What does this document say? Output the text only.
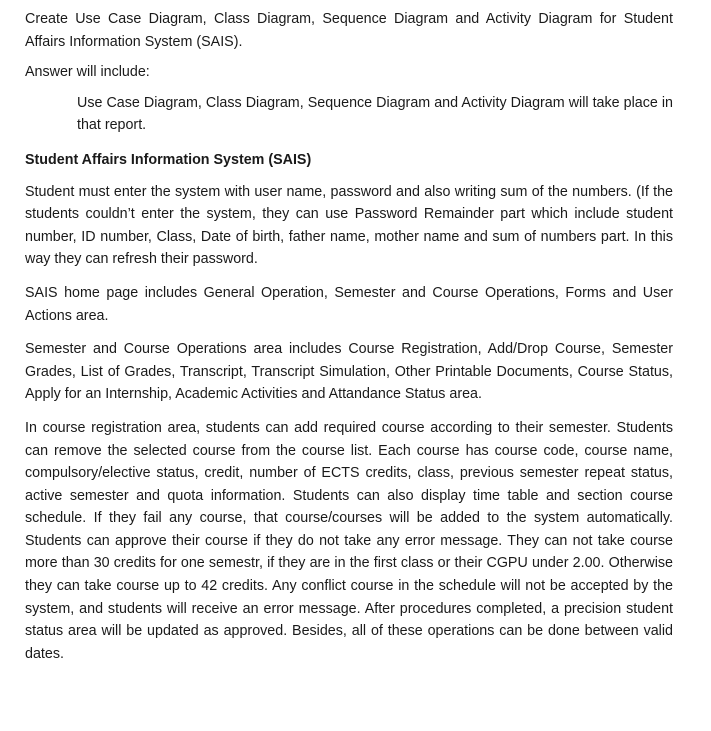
Create Use Case Diagram, Class Diagram, Sequence Diagram and Activity Diagram for Student Affairs Information System (SAIS).

Answer will include:

Use Case Diagram, Class Diagram, Sequence Diagram and Activity Diagram will take place in that report.

Student Affairs Information System (SAIS)

Student must enter the system with user name, password and also writing sum of the numbers. (If the students couldn’t enter the system, they can use Password Remainder part which include student number, ID number, Class, Date of birth, father name, mother name and sum of numbers part. In this way they can refresh their password.

SAIS home page includes General Operation, Semester and Course Operations, Forms and User Actions area.

Semester and Course Operations area includes Course Registration, Add/Drop Course, Semester Grades, List of Grades, Transcript, Transcript Simulation, Other Printable Documents, Course Status, Apply for an Internship, Academic Activities and Attandance Status area.

In course registration area, students can add required course according to their semester. Students can remove the selected course from the course list. Each course has course code, course name, compulsory/elective status, credit, number of ECTS credits, class, previous semester repeat status, active semester and quota information. Students can also display time table and section course schedule. If they fail any course, that course/courses will be added to the system automatically. Students can approve their course if they do not take any error message. They can not take course more than 30 credits for one semestr, if they are in the first class or their CGPU under 2.00. Otherwise they can take course up to 42 credits. Any conflict course in the schedule will not be accepted by the system, and students will receive an error message. After procedures completed, a precision student status area will be updated as approved. Besides, all of these operations can be done between valid dates.
